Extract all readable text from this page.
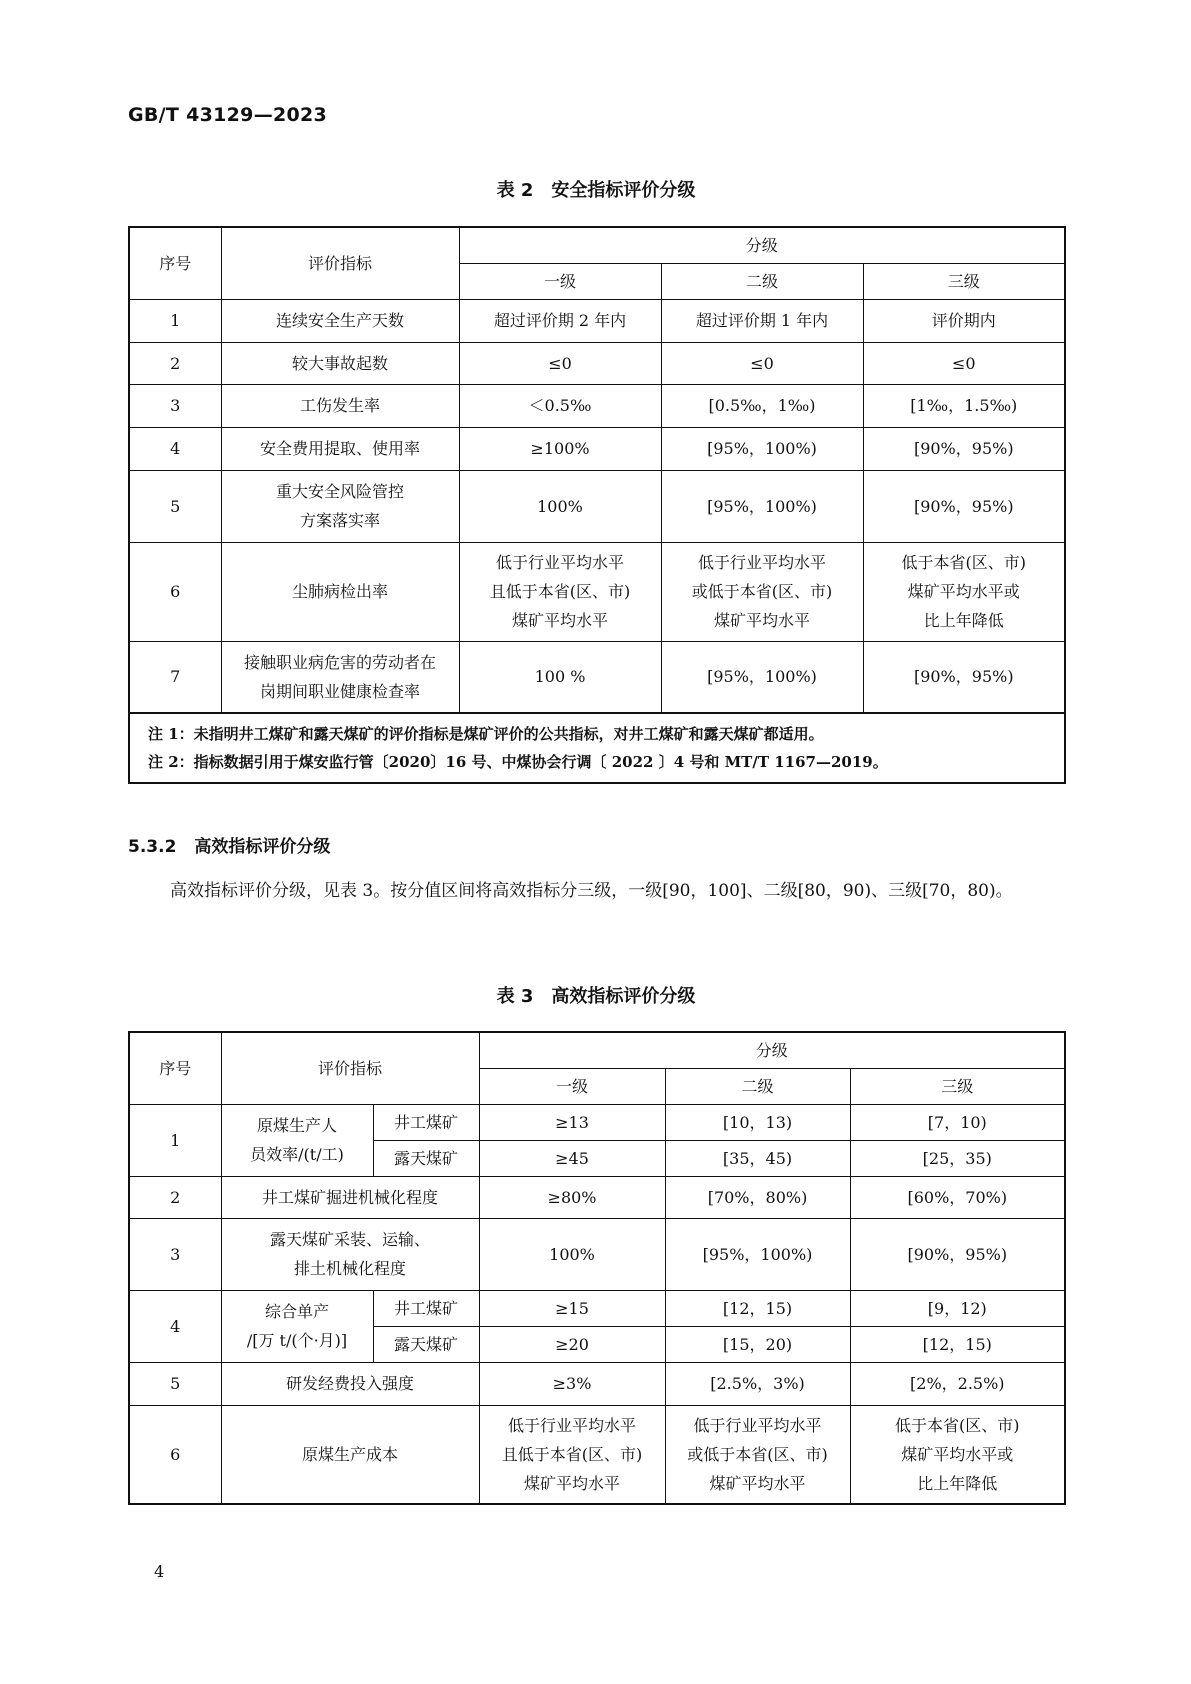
GB/T 43129—2023
表 2　安全指标评价分级
序号	评价指标	分级		
		一级	二级	三级
1	连续安全生产天数	超过评价期 2 年内	超过评价期 1 年内	评价期内
2	较大事故起数	≤0	≤0	≤0
3	工伤发生率	＜0.5‰	[0.5‰，1‰)	[1‰，1.5‰)
4	安全费用提取、使用率	≥100%	[95%，100%)	[90%，95%)
5	重大安全风险管控
方案落实率	100%	[95%，100%)	[90%，95%)
6	尘肺病检出率	低于行业平均水平
且低于本省(区、市)
煤矿平均水平	低于行业平均水平
或低于本省(区、市)
煤矿平均水平	低于本省(区、市)
煤矿平均水平或
比上年降低
7	接触职业病危害的劳动者在
岗期间职业健康检查率	100 %	[95%，100%)	[90%，95%)

注 1：未指明井工煤矿和露天煤矿的评价指标是煤矿评价的公共指标，对井工煤矿和露天煤矿都适用。
注 2：指标数据引用于煤安监行管〔2020〕16 号、中煤协会行调〔 2022 〕4 号和 MT/T 1167—2019。				
5.3.2 高效指标评价分级
高效指标评价分级，见表 3。按分值区间将高效指标分三级，一级[90，100]、二级[80，90)、三级[70，80)。
表 3　高效指标评价分级
序号	评价指标		分级		
			一级	二级	三级
1	原煤生产人
员效率/(t/工)	井工煤矿	≥13	[10，13)	[7，10)
		露天煤矿	≥45	[35，45)	[25，35)
2	井工煤矿掘进机械化程度		≥80%	[70%，80%)	[60%，70%)
3	露天煤矿采装、运输、
排土机械化程度		100%	[95%，100%)	[90%，95%)
4	综合单产
/[万 t/(个·月)]	井工煤矿	≥15	[12，15)	[9，12)
		露天煤矿	≥20	[15，20)	[12，15)
5	研发经费投入强度		≥3%	[2.5%，3%)	[2%，2.5%)
6	原煤生产成本		低于行业平均水平
且低于本省(区、市)
煤矿平均水平	低于行业平均水平
或低于本省(区、市)
煤矿平均水平	低于本省(区、市)
煤矿平均水平或
比上年降低
4
